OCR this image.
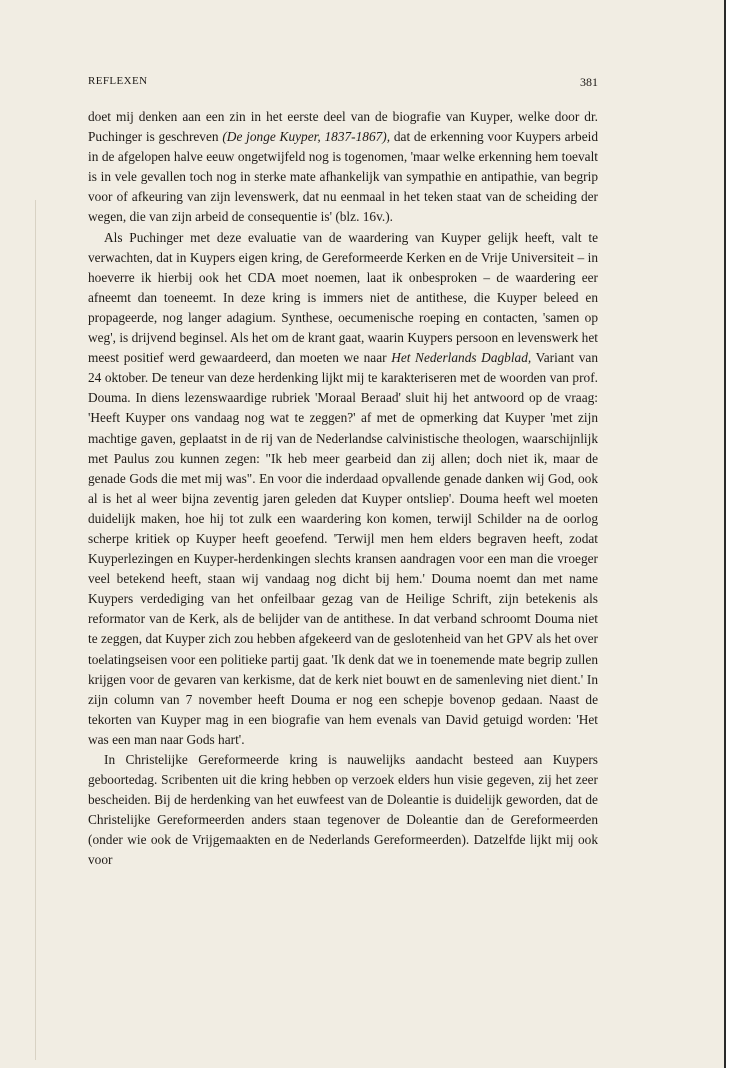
REFLEXEN	381

doet mij denken aan een zin in het eerste deel van de biografie van Kuyper, welke door dr. Puchinger is geschreven (De jonge Kuyper, 1837-1867), dat de erkenning voor Kuypers arbeid in de afgelopen halve eeuw ongetwijfeld nog is togenomen, 'maar welke erkenning hem toevalt is in vele gevallen toch nog in sterke mate afhankelijk van sympathie en antipathie, van begrip voor of afkeuring van zijn levenswerk, dat nu eenmaal in het teken staat van de scheiding der wegen, die van zijn arbeid de consequentie is' (blz. 16v.).

Als Puchinger met deze evaluatie van de waardering van Kuyper gelijk heeft, valt te verwachten, dat in Kuypers eigen kring, de Gereformeerde Kerken en de Vrije Universiteit – in hoeverre ik hierbij ook het CDA moet noemen, laat ik onbesproken – de waardering eer afneemt dan toeneemt. In deze kring is immers niet de antithese, die Kuyper beleed en propageerde, nog langer adagium. Synthese, oecumenische roeping en contacten, 'samen op weg', is drijvend beginsel. Als het om de krant gaat, waarin Kuypers persoon en levenswerk het meest positief werd gewaardeerd, dan moeten we naar Het Nederlands Dagblad, Variant van 24 oktober. De teneur van deze herdenking lijkt mij te karakteriseren met de woorden van prof. Douma. In diens lezenswaardige rubriek 'Moraal Beraad' sluit hij het antwoord op de vraag: 'Heeft Kuyper ons vandaag nog wat te zeggen?' af met de opmerking dat Kuyper 'met zijn machtige gaven, geplaatst in de rij van de Nederlandse calvinistische theologen, waarschijnlijk met Paulus zou kunnen zegen: "Ik heb meer gearbeid dan zij allen; doch niet ik, maar de genade Gods die met mij was". En voor die inderdaad opvallende genade danken wij God, ook al is het al weer bijna zeventig jaren geleden dat Kuyper ontsliep'. Douma heeft wel moeten duidelijk maken, hoe hij tot zulk een waardering kon komen, terwijl Schilder na de oorlog scherpe kritiek op Kuyper heeft geoefend. 'Terwijl men hem elders begraven heeft, zodat Kuyperlezingen en Kuyper-herdenkingen slechts kransen aandragen voor een man die vroeger veel betekend heeft, staan wij vandaag nog dicht bij hem.' Douma noemt dan met name Kuypers verdediging van het onfeilbaar gezag van de Heilige Schrift, zijn betekenis als reformator van de Kerk, als de belijder van de antithese. In dat verband schroomt Douma niet te zeggen, dat Kuyper zich zou hebben afgekeerd van de geslotenheid van het GPV als het over toelatingseisen voor een politieke partij gaat. 'Ik denk dat we in toenemende mate begrip zullen krijgen voor de gevaren van kerkisme, dat de kerk niet bouwt en de samenleving niet dient.' In zijn column van 7 november heeft Douma er nog een schepje bovenop gedaan. Naast de tekorten van Kuyper mag in een biografie van hem evenals van David getuigd worden: 'Het was een man naar Gods hart'.

In Christelijke Gereformeerde kring is nauwelijks aandacht besteed aan Kuypers geboortedag. Scribenten uit die kring hebben op verzoek elders hun visie gegeven, zij het zeer bescheiden. Bij de herdenking van het euwfeest van de Doleantie is duidelijk geworden, dat de Christelijke Gereformeerden anders staan tegenover de Doleantie dan de Gereformeerden (onder wie ook de Vrijgemaakten en de Nederlands Gereformeerden). Datzelfde lijkt mij ook voor
